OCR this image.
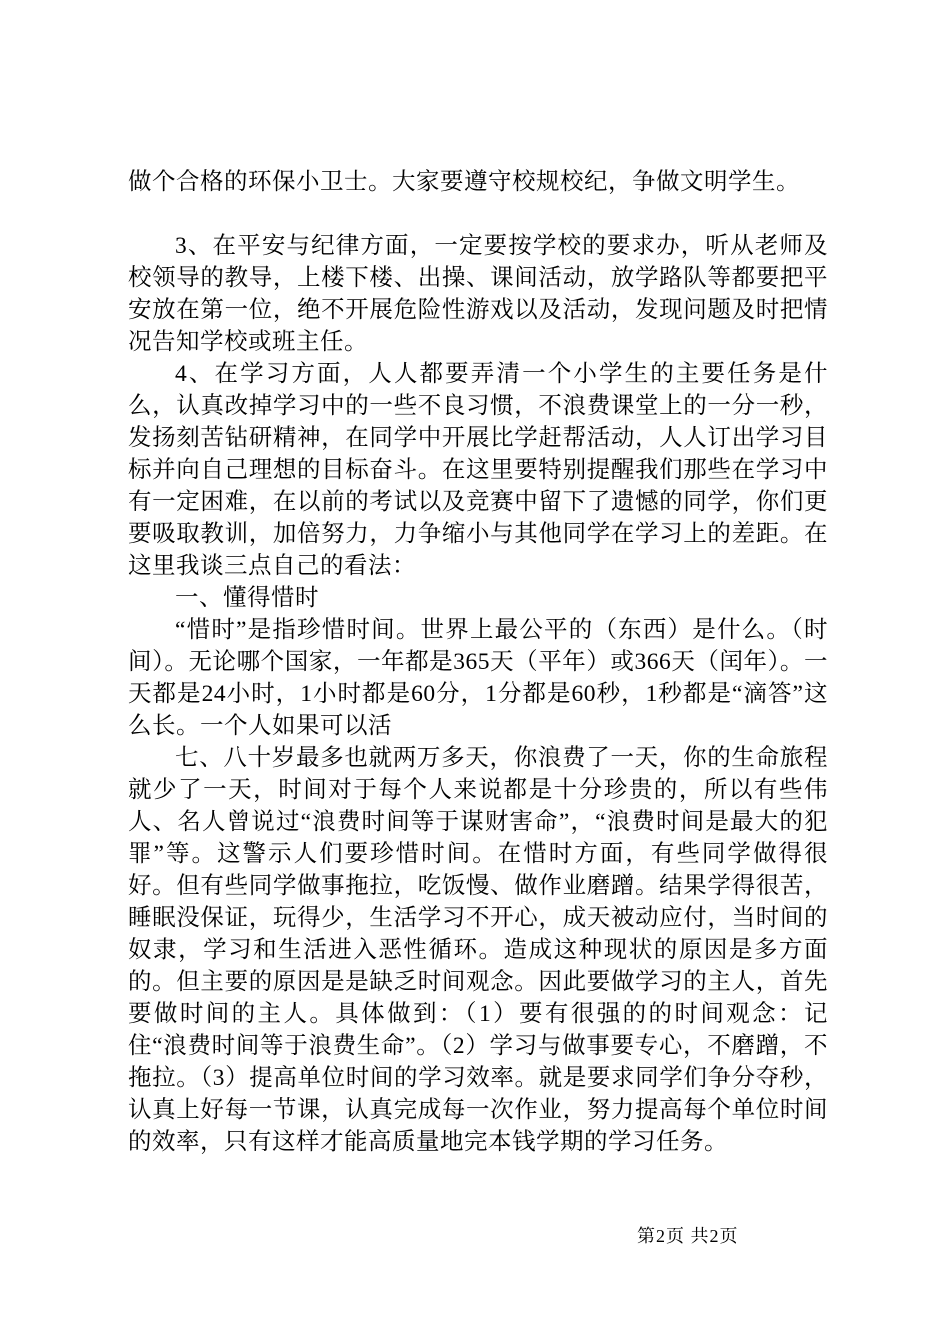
做个合格的环保小卫士。大家要遵守校规校纪，争做文明学生。

3、在平安与纪律方面，一定要按学校的要求办，听从老师及校领导的教导，上楼下楼、出操、课间活动，放学路队等都要把平安放在第一位，绝不开展危险性游戏以及活动，发现问题及时把情况告知学校或班主任。

4、在学习方面，人人都要弄清一个小学生的主要任务是什么，认真改掉学习中的一些不良习惯，不浪费课堂上的一分一秒，发扬刻苦钻研精神，在同学中开展比学赶帮活动，人人订出学习目标并向自己理想的目标奋斗。在这里要特别提醒我们那些在学习中有一定困难，在以前的考试以及竞赛中留下了遗憾的同学，你们更要吸取教训，加倍努力，力争缩小与其他同学在学习上的差距。在这里我谈三点自己的看法：

一、懂得惜时

“惜时”是指珍惜时间。世界上最公平的（东西）是什么。（时间）。无论哪个国家，一年都是365天（平年）或366天（闰年）。一天都是24小时，1小时都是60分，1分都是60秒，1秒都是“滴答”这么长。一个人如果可以活

七、八十岁最多也就两万多天，你浪费了一天，你的生命旅程就少了一天，时间对于每个人来说都是十分珍贵的，所以有些伟人、名人曾说过“浪费时间等于谋财害命”，“浪费时间是最大的犯罪”等。这警示人们要珍惜时间。在惜时方面，有些同学做得很好。但有些同学做事拖拉，吃饭慢、做作业磨蹭。结果学得很苦，睡眠没保证，玩得少，生活学习不开心，成天被动应付，当时间的奴隶，学习和生活进入恶性循环。造成这种现状的原因是多方面的。但主要的原因是是缺乏时间观念。因此要做学习的主人，首先要做时间的主人。具体做到：（1）要有很强的的时间观念：记住“浪费时间等于浪费生命”。（2）学习与做事要专心，不磨蹭，不拖拉。（3）提高单位时间的学习效率。就是要求同学们争分夺秒，认真上好每一节课，认真完成每一次作业，努力提高每个单位时间的效率，只有这样才能高质量地完本钱学期的学习任务。

第2页 共2页
